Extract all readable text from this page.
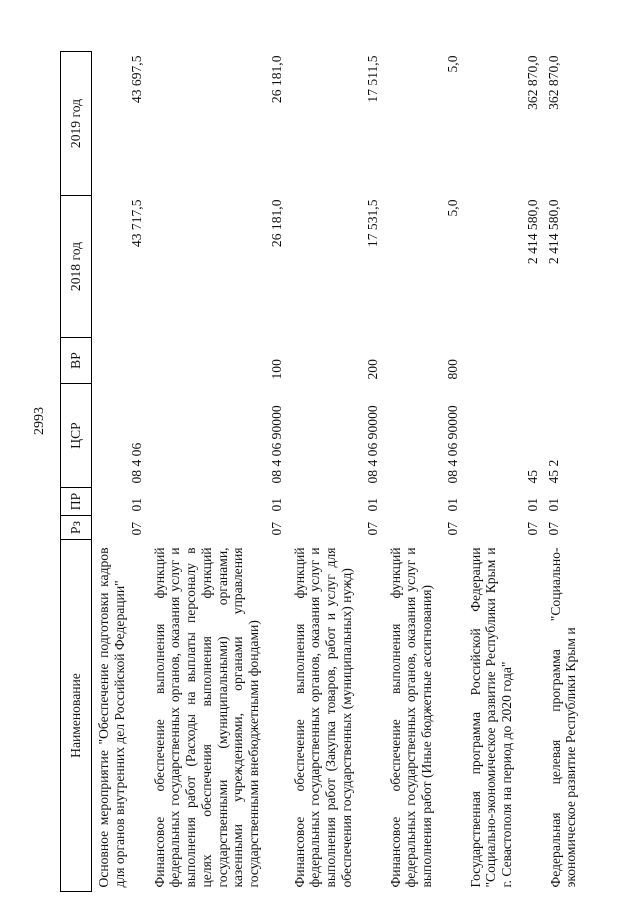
2993
Наименование	Рз	ПР	ЦСР	ВР	2018 год	2019 год
Основное мероприятие "Обеспечение подготовки кадров для органов внутренних дел Российской Федерации"	07	01	08 4 06		43 717,5	43 697,5
Финансовое обеспечение выполнения функций федеральных государственных органов, оказания услуг и выполнения работ (Расходы на выплаты персоналу в целях обеспечения выполнения функций государственными (муниципальными) органами, казенными учреждениями, органами управления государственными внебюджетными фондами)	07	01	08 4 06 90000	100	26 181,0	26 181,0
Финансовое обеспечение выполнения функций федеральных государственных органов, оказания услуг и выполнения работ (Закупка товаров, работ и услуг для обеспечения государственных (муниципальных) нужд)	07	01	08 4 06 90000	200	17 531,5	17 511,5
Финансовое обеспечение выполнения функций федеральных государственных органов, оказания услуг и выполнения работ (Иные бюджетные ассигнования)	07	01	08 4 06 90000	800	5,0	5,0
Государственная программа Российской Федерации "Социально-экономическое развитие Республики Крым и г. Севастополя на период до 2020 года"	07	01	45		2 414 580,0	362 870,0
Федеральная целевая программа "Социально-экономическое развитие Республики Крым и	07	01	45 2		2 414 580,0	362 870,0
